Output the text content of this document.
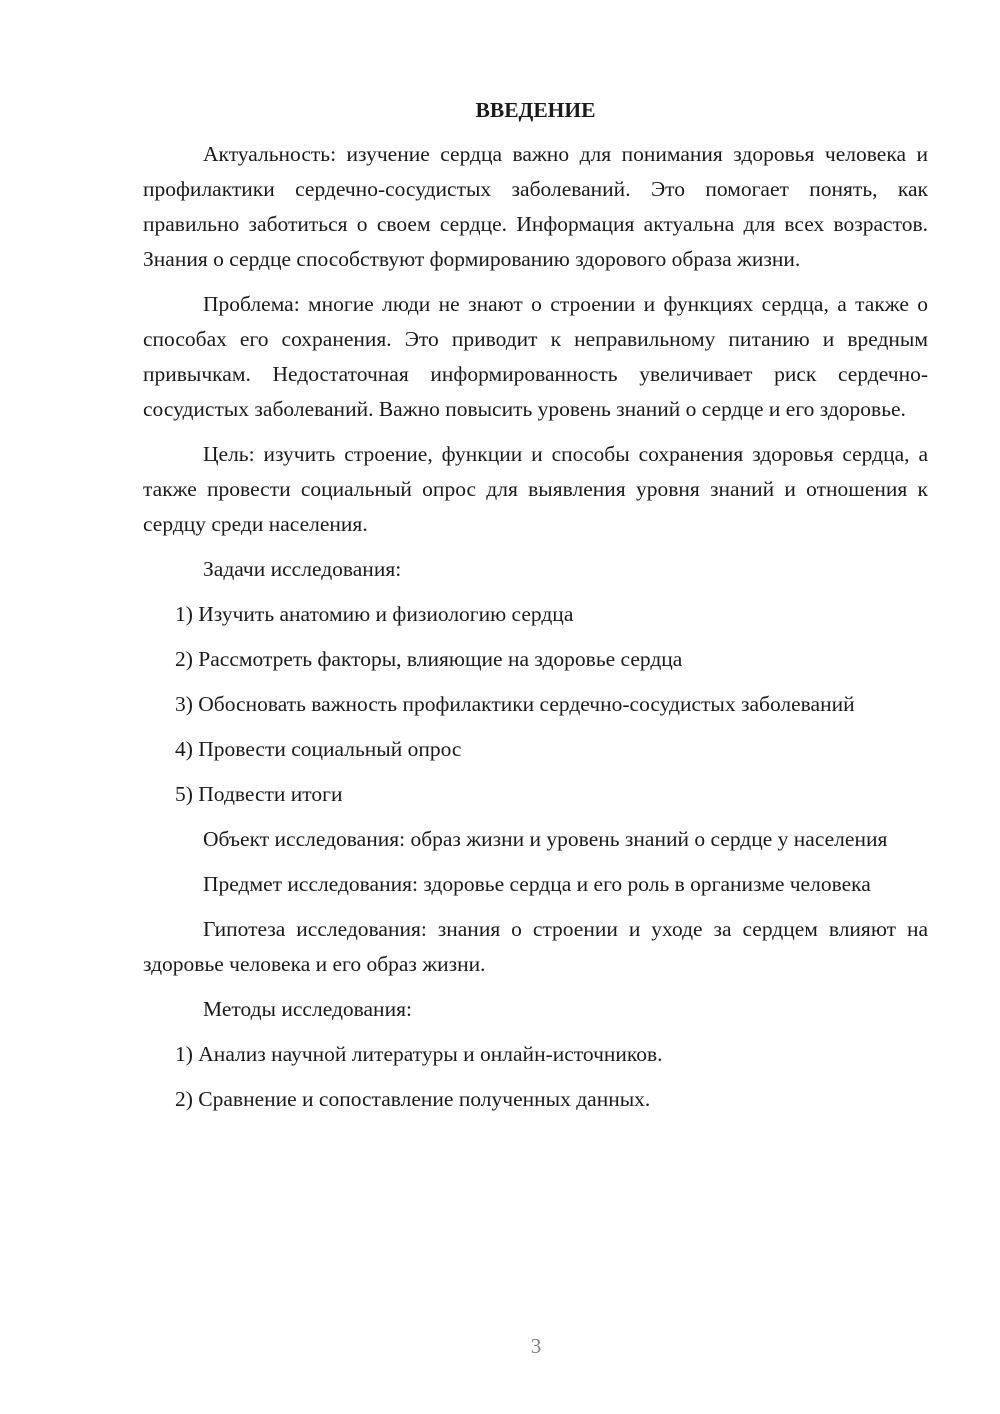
ВВЕДЕНИЕ

Актуальность: изучение сердца важно для понимания здоровья человека и профилактики сердечно-сосудистых заболеваний. Это помогает понять, как правильно заботиться о своем сердце. Информация актуальна для всех возрастов. Знания о сердце способствуют формированию здорового образа жизни.

Проблема: многие люди не знают о строении и функциях сердца, а также о способах его сохранения. Это приводит к неправильному питанию и вредным привычкам. Недостаточная информированность увеличивает риск сердечно-сосудистых заболеваний. Важно повысить уровень знаний о сердце и его здоровье.

Цель: изучить строение, функции и способы сохранения здоровья сердца, а также провести социальный опрос для выявления уровня знаний и отношения к сердцу среди населения.

Задачи исследования:

1) Изучить анатомию и физиологию сердца

2) Рассмотреть факторы, влияющие на здоровье сердца

3) Обосновать важность профилактики сердечно-сосудистых заболеваний

4) Провести социальный опрос

5) Подвести итоги

Объект исследования: образ жизни и уровень знаний о сердце у населения

Предмет исследования: здоровье сердца и его роль в организме человека

Гипотеза исследования: знания о строении и уходе за сердцем влияют на здоровье человека и его образ жизни.

Методы исследования:

1) Анализ научной литературы и онлайн-источников.

2) Сравнение и сопоставление полученных данных.

3
